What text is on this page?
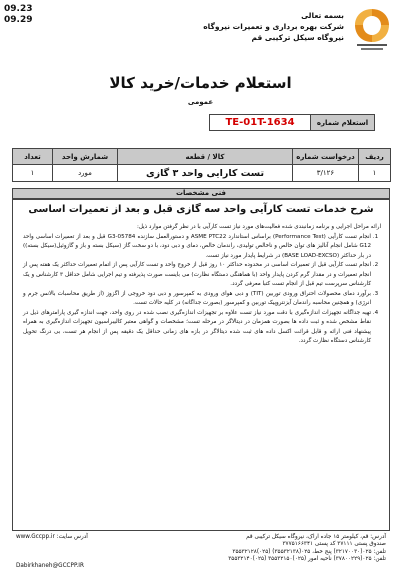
09.23
09.29	بسمه تعالی
شرکت بهره برداری و تعمیرات نیروگاه
نیروگاه سیکل ترکیبی قم
استعلام خدمات/خرید کالا
عمومی
استعلام شماره
TE-01T-1634
ردیف	درخواست شماره	کالا / قطعه	شمارش واحد	تعداد
۱	۳/۱۲۶	تست کارایی واحد ۳ گازی	مورد	۱
فنی مشخصات
شرح خدمات تست کارآیی واحد سه گازی قبل و بعد از تعمیرات اساسی

ارائه مراحل اجرایی و برنامه زمانبندی شده فعالیت‌های مورد نیاز تست کارآیی با در نظر گرفتن موارد ذیل:

1. انجام تست کارآیی (Performance Test) براساس استاندارد ASME PTC22 و دستورالعمل سازنده G3-05784 قبل و بعد از تعمیرات اساسی واحد G12 شامل انجام آنالیز های توان خالص و ناخالص تولیدی، راندمان خالص، دمای و دبی دود، با دو سخت گاز (سیکل بسته و باز و گازوئیل(سیکل بسته)) در بار حداکثر (BASE LOAD-EXCSO) در شرایط پایدار مورد نیاز تست.
2. انجام تست کارآیی قبل از تعمیرات اساسی در محدوده حداکثر ۱۰ روز قبل از خروج واحد و تست کارآیی پس از اتمام تعمیرات حداکثر یک هفته پس از انجام تعمیرات و در مقدار گرم کردن پایدار واحد (با هماهنگی دستگاه نظارت) می بایست صورت پذیرفته و تیم اجرایی شامل حداقل ۳ کارشناس و یک کارشناس سرپرست تیم قبل از انجام تست کتبا معرفی گردد.
3. برآورد دمای محصولات احتراق ورودی توربین (TIT) و دبی هوای ورودی به کمپرسور و دبی دود خروجی از اگزوز (از طریق محاسبات بالانس جرم و انرژی) و همچنین محاسبه راندمان آیزنتروپیک توربین و کمپرسور (بصورت جداگانه) در کلیه حالات تست.
4. تهیه جداگانه تجهیزات اندازه‌گیری با دقت مورد نیاز تست علاوه بر تجهیزات اندازه‌گیری نصب شده در روی واحد، جهت اندازه گیری پارامترهای ذیل در نقاط مشخص شده و ثبت داده ها بصورت همزمان در دیتالاگر در مرحله تست؛ مشخصات و گواهی معتبر کالیبراسیون تجهیزات اندازه‌گیری به همراه پیشنهاد فنی ارائه و قابل قرائت اکسل داده های ثبت شده دیتالاگر در بازه های زمانی حداقل یک دقیقه پس از انجام هر تست، بی درنگ تحویل کارشناس دستگاه نظارت گردد.
آدرس: قم، کیلومتر ۱۵ جاده اراک، نیروگاه سیکل ترکیبی قم
صندوق پستی ۳۷۱۱۱ کد پستی ۳۷۷۵۱۶۶۳۴۱
تلفن: ۰۲۵(۳۲۱۷۰۰۳۰) پنج خط، ۰۲۵(۳۵۵۳۲۱۳۸) (۰۲۵)۳۵۵۳۲۱۲۸
تلفن: ۰۲۵(۳۷۸۰۰۲۲۹) ناحیه امور (۰۲۵)۳۵۵۳۲۱۵۰ (۰۲۵)۳۵۵۳۲۱۴۰
آدرس سایت: www.Gccpp.ir
Dabirkhaneh@GCCPP.IR
